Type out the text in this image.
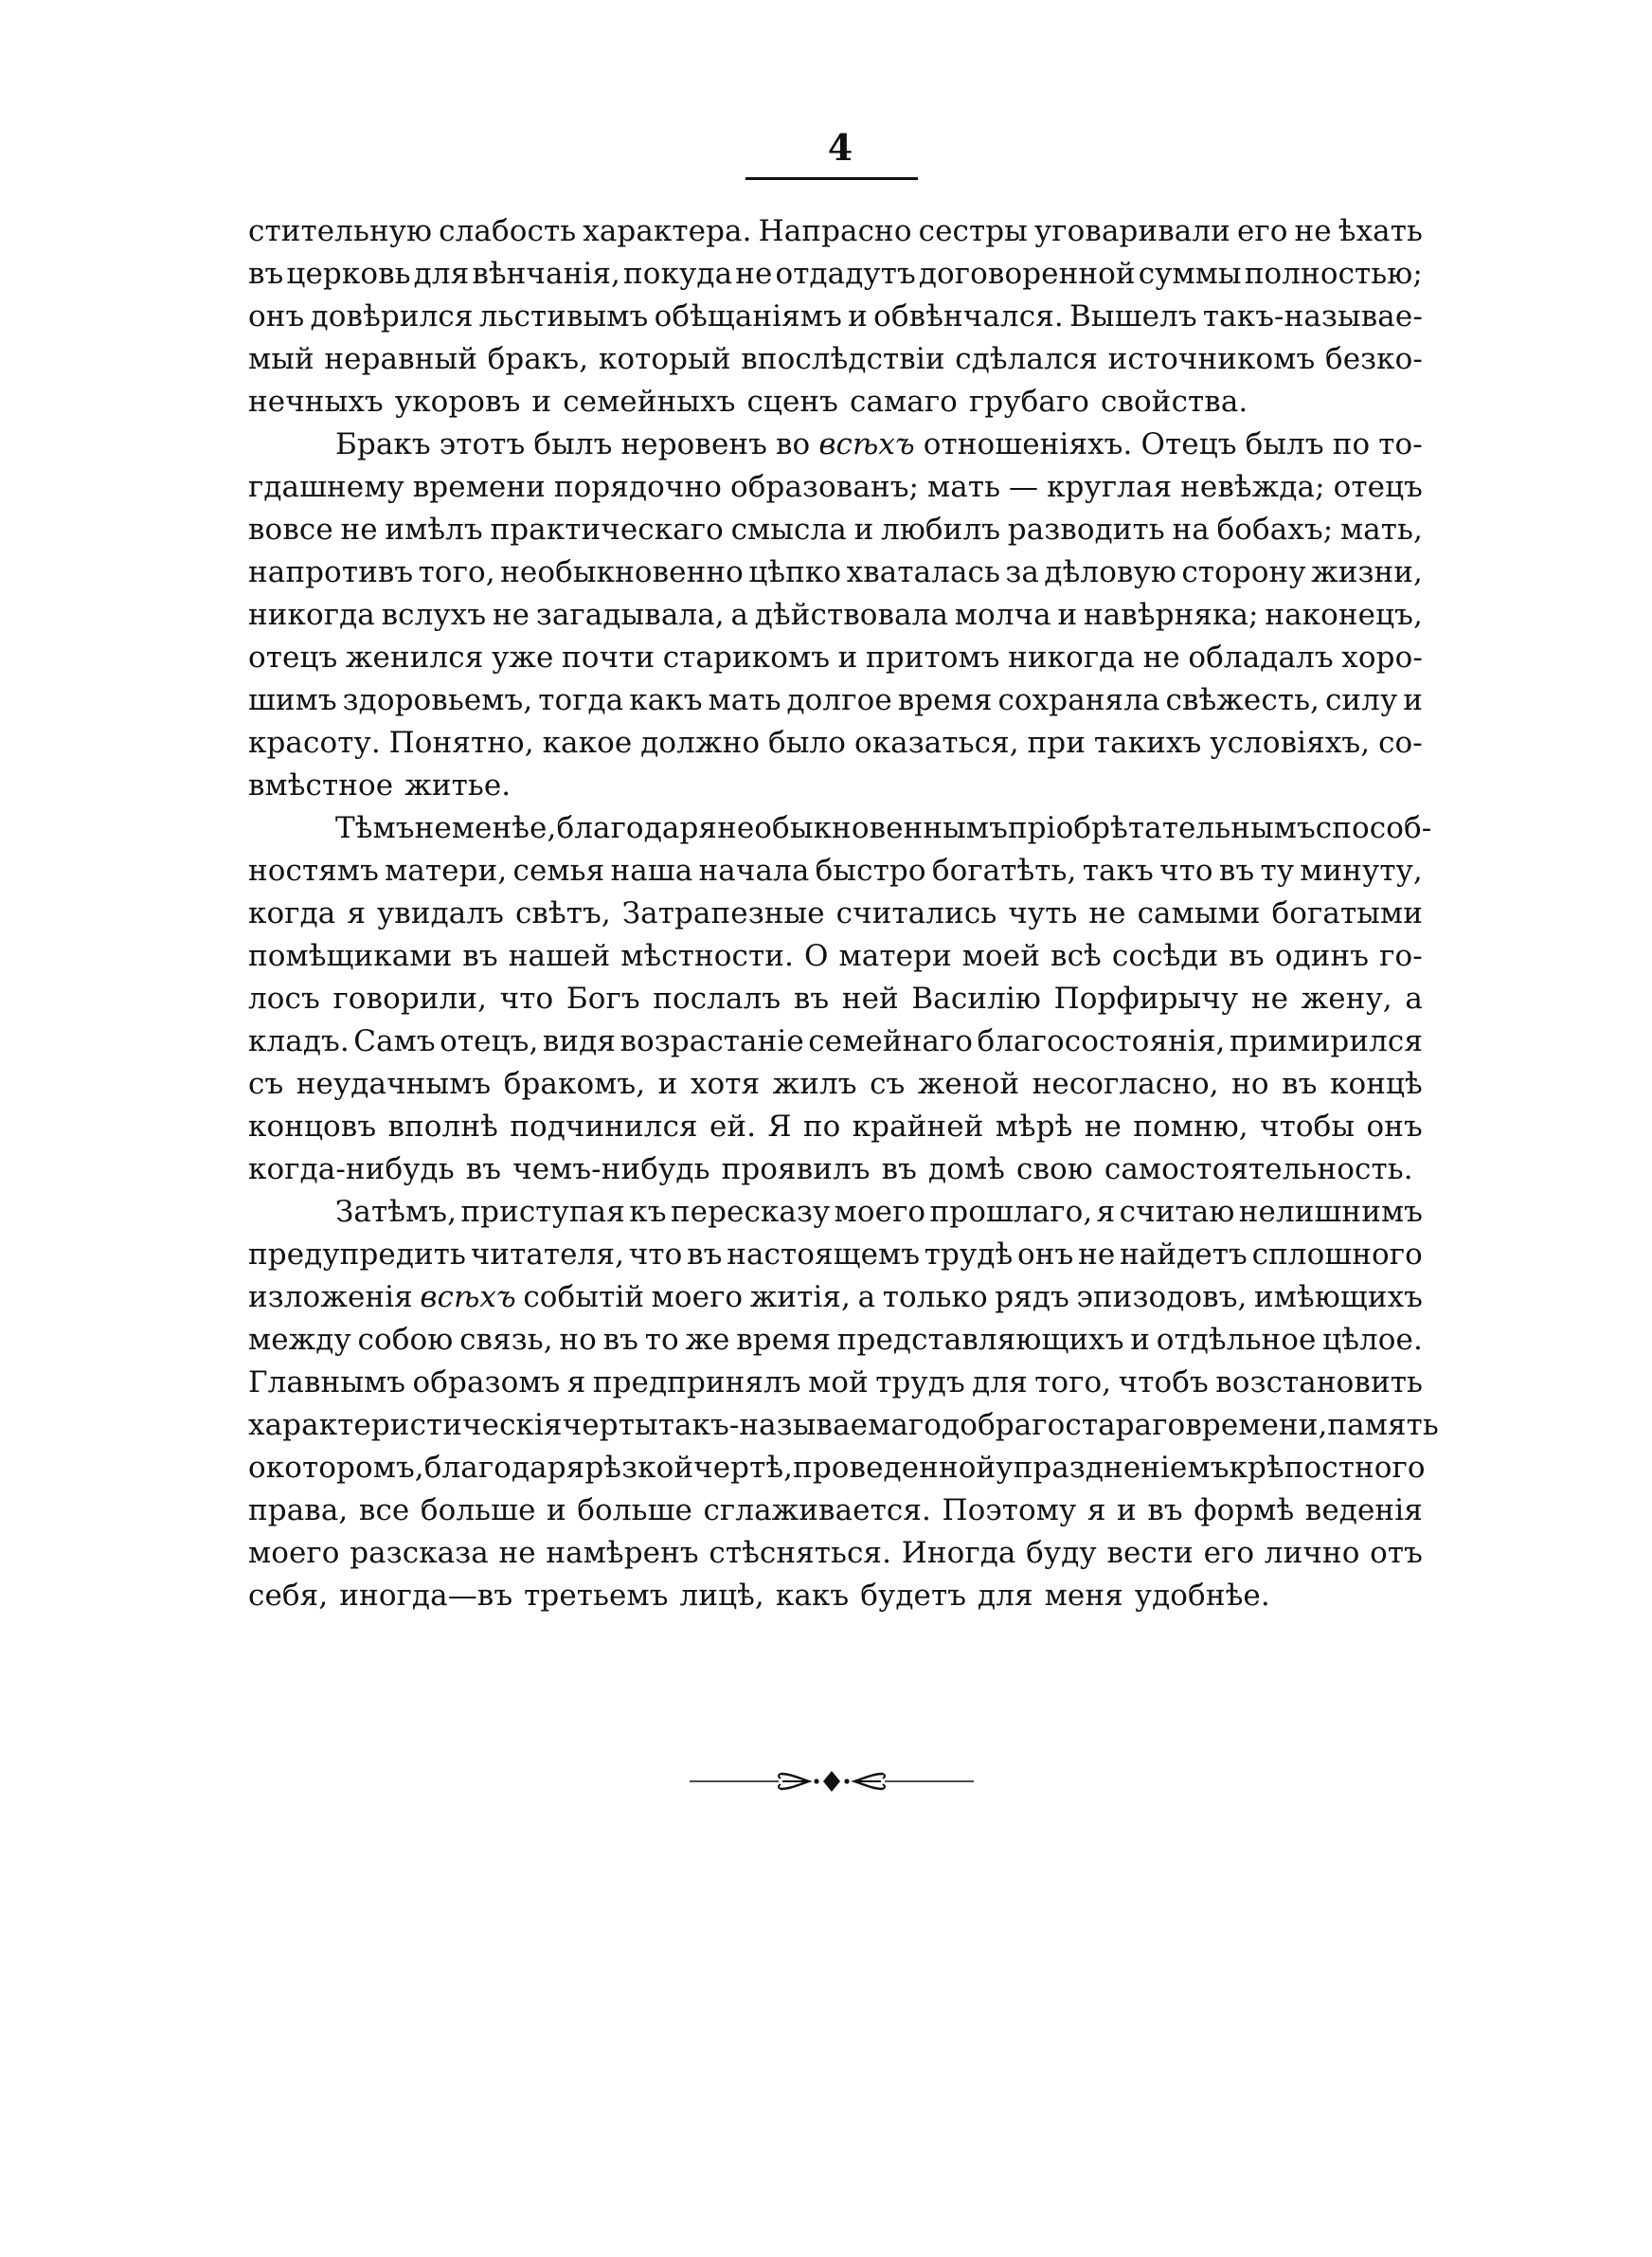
4
стительную слабость характера. Напрасно сестры уговаривали его не ѣхать
въ церковь для вѣнчанія, покуда не отдадутъ договоренной суммы полностью;
онъ довѣрился льстивымъ обѣщаніямъ и обвѣнчался. Вышелъ такъ-называе-
мый неравный бракъ, который впослѣдствіи сдѣлался источникомъ безко-
нечныхъ укоровъ и семейныхъ сценъ самаго грубаго свойства.
Бракъ этотъ былъ неровенъ во всѣхъ отношеніяхъ. Отецъ былъ по то-
гдашнему времени порядочно образованъ; мать — круглая невѣжда; отецъ
вовсе не имѣлъ практическаго смысла и любилъ разводить на бобахъ; мать,
напротивъ того, необыкновенно цѣпко хваталась за дѣловую сторону жизни,
никогда вслухъ не загадывала, а дѣйствовала молча и навѣрняка; наконецъ,
отецъ женился уже почти старикомъ и притомъ никогда не обладалъ хоро-
шимъ здоровьемъ, тогда какъ мать долгое время сохраняла свѣжесть, силу и
красоту. Понятно, какое должно было оказаться, при такихъ условіяхъ, со-
вмѣстное житье.
Тѣмъ не менѣе, благодаря необыкновеннымъ пріобрѣтательнымъ способ-
ностямъ матери, семья наша начала быстро богатѣть, такъ что въ ту минуту,
когда я увидалъ свѣтъ, Затрапезные считались чуть не самыми богатыми
помѣщиками въ нашей мѣстности. О матери моей всѣ сосѣди въ одинъ го-
лосъ говорили, что Богъ послалъ въ ней Василію Порфирычу не жену, а
кладъ. Самъ отецъ, видя возрастаніе семейнаго благосостоянія, примирился
съ неудачнымъ бракомъ, и хотя жилъ съ женой несогласно, но въ концѣ
концовъ вполнѣ подчинился ей. Я по крайней мѣрѣ не помню, чтобы онъ
когда-нибудь въ чемъ-нибудь проявилъ въ домѣ свою самостоятельность.
Затѣмъ, приступая къ пересказу моего прошлаго, я считаю нелишнимъ
предупредить читателя, что въ настоящемъ трудѣ онъ не найдетъ сплошного
изложенія всѣхъ событій моего житія, а только рядъ эпизодовъ, имѣющихъ
между собою связь, но въ то же время представляющихъ и отдѣльное цѣлое.
Главнымъ образомъ я предпринялъ мой трудъ для того, чтобъ возстановить
характеристическія черты такъ-называемаго добраго стараго времени, память
о которомъ, благодаря рѣзкой чертѣ, проведенной упраздненіемъ крѣпостного
права, все больше и больше сглаживается. Поэтому я и въ формѣ веденія
моего разсказа не намѣренъ стѣсняться. Иногда буду вести его лично отъ
себя, иногда—въ третьемъ лицѣ, какъ будетъ для меня удобнѣе.
